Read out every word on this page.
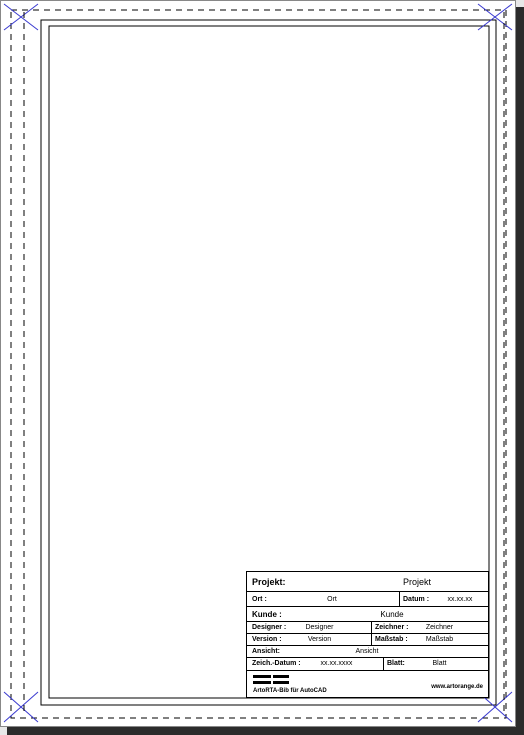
Projekt:	Projekt
Ort :	Ort	Datum :	xx.xx.xx
Kunde :	Kunde
Designer :	Designer	Zeichner :	Zeichner
Version :	Version	Maßstab :	Maßstab
Ansicht:	Ansicht
Zeich.-Datum :	xx.xx.xxxx	Blatt:	Blatt
ArtoRTA-Bib für AutoCAD
www.artorange.de
